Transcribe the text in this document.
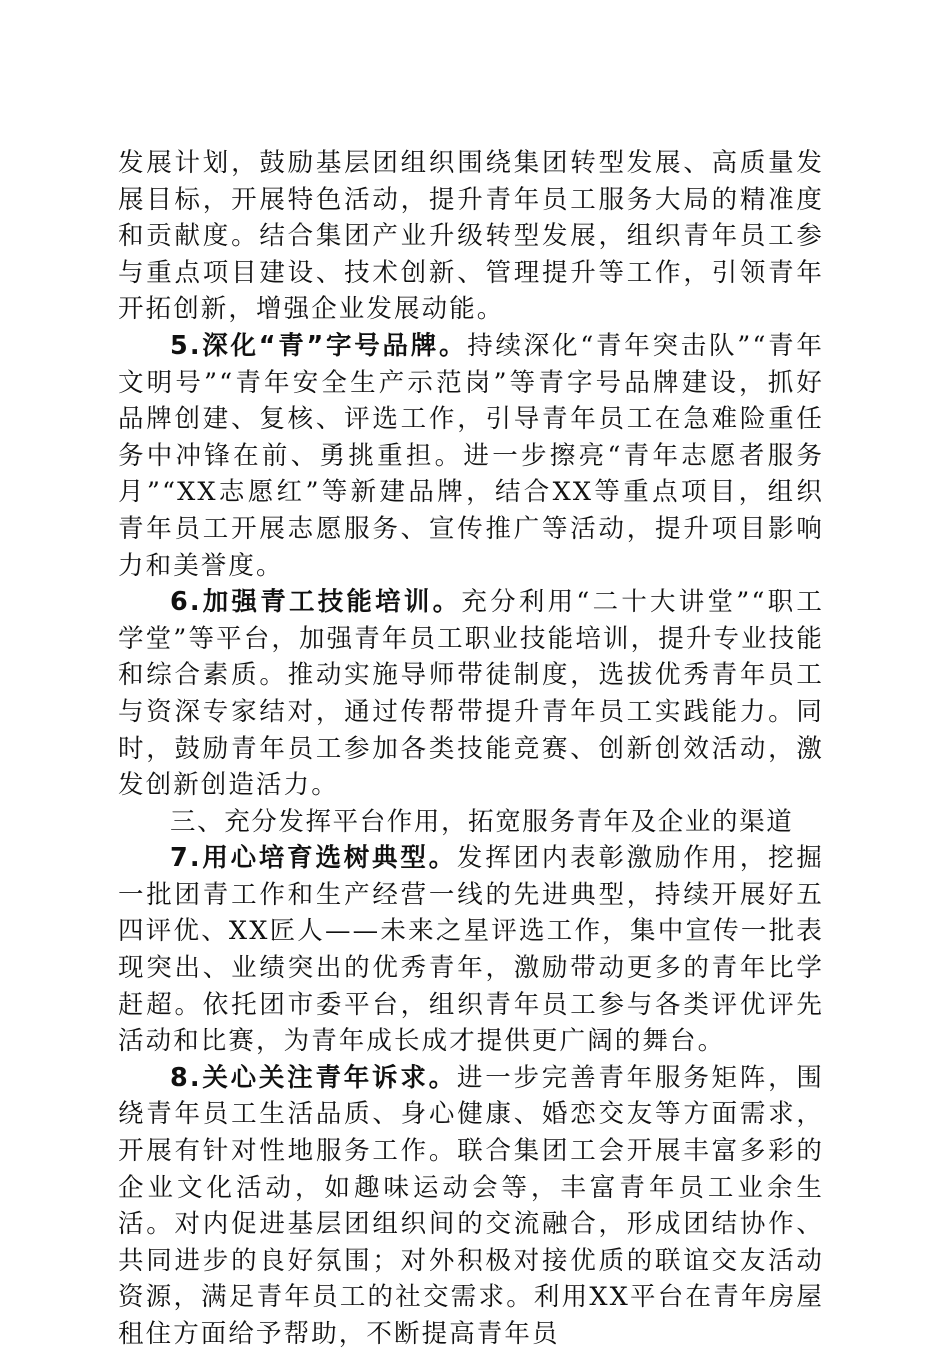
发展计划，鼓励基层团组织围绕集团转型发展、高质量发展目标，开展特色活动，提升青年员工服务大局的精准度和贡献度。结合集团产业升级转型发展，组织青年员工参与重点项目建设、技术创新、管理提升等工作，引领青年开拓创新，增强企业发展动能。

5.深化“青”字号品牌。持续深化“青年突击队”“青年文明号”“青年安全生产示范岗”等青字号品牌建设，抓好品牌创建、复核、评选工作，引导青年员工在急难险重任务中冲锋在前、勇挑重担。进一步擦亮“青年志愿者服务月”“XX志愿红”等新建品牌，结合XX等重点项目，组织青年员工开展志愿服务、宣传推广等活动，提升项目影响力和美誉度。

6.加强青工技能培训。充分利用“二十大讲堂”“职工学堂”等平台，加强青年员工职业技能培训，提升专业技能和综合素质。推动实施导师带徒制度，选拔优秀青年员工与资深专家结对，通过传帮带提升青年员工实践能力。同时，鼓励青年员工参加各类技能竞赛、创新创效活动，激发创新创造活力。

三、充分发挥平台作用，拓宽服务青年及企业的渠道

7.用心培育选树典型。发挥团内表彰激励作用，挖掘一批团青工作和生产经营一线的先进典型，持续开展好五四评优、XX匠人——未来之星评选工作，集中宣传一批表现突出、业绩突出的优秀青年，激励带动更多的青年比学赶超。依托团市委平台，组织青年员工参与各类评优评先活动和比赛，为青年成长成才提供更广阔的舞台。

8.关心关注青年诉求。进一步完善青年服务矩阵，围绕青年员工生活品质、身心健康、婚恋交友等方面需求，开展有针对性地服务工作。联合集团工会开展丰富多彩的企业文化活动，如趣味运动会等，丰富青年员工业余生活。对内促进基层团组织间的交流融合，形成团结协作、共同进步的良好氛围；对外积极对接优质的联谊交友活动资源，满足青年员工的社交需求。利用XX平台在青年房屋租住方面给予帮助，不断提高青年员
